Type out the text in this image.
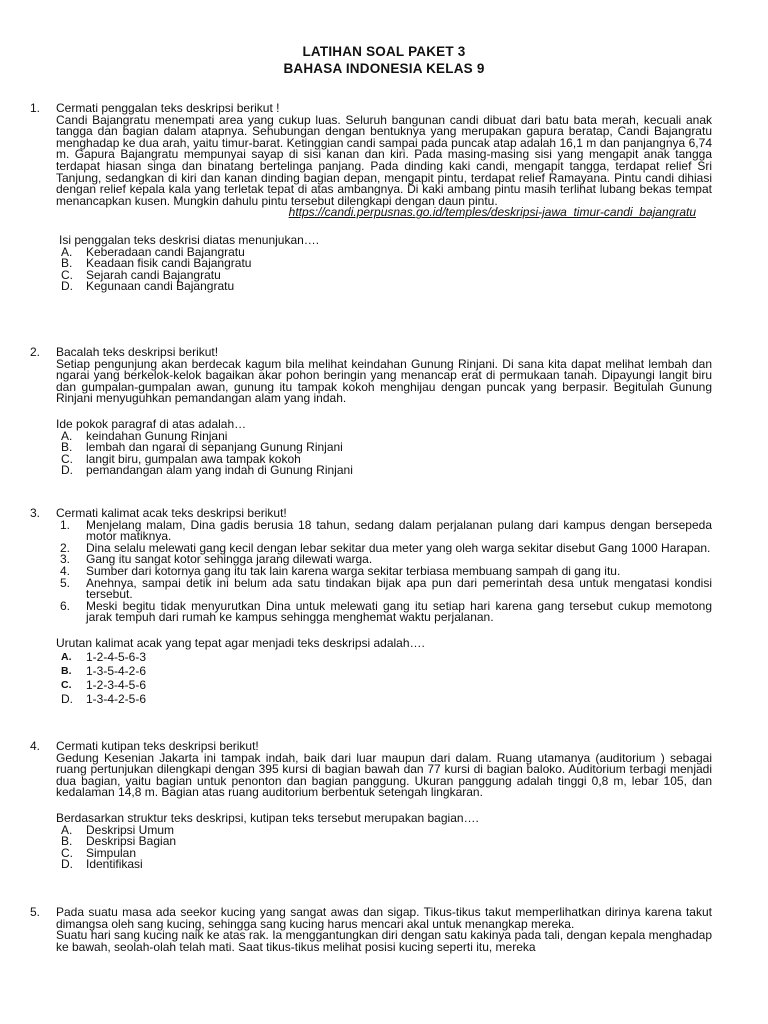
LATIHAN SOAL PAKET 3
BAHASA INDONESIA KELAS 9
1. Cermati penggalan teks deskripsi berikut !

Candi Bajangratu menempati area yang cukup luas. Seluruh bangunan candi dibuat dari batu bata merah, kecuali anak tangga dan bagian dalam atapnya. Sehubungan dengan bentuknya yang merupakan gapura beratap, Candi Bajangratu menghadap ke dua arah, yaitu timur-barat. Ketinggian candi sampai pada puncak atap adalah 16,1 m dan panjangnya 6,74 m. Gapura Bajangratu mempunyai sayap di sisi kanan dan kiri. Pada masing-masing sisi yang mengapit anak tangga terdapat hiasan singa dan binatang bertelinga panjang. Pada dinding kaki candi, mengapit tangga, terdapat relief Sri Tanjung, sedangkan di kiri dan kanan dinding bagian depan, mengapit pintu, terdapat relief Ramayana. Pintu candi dihiasi dengan relief kepala kala yang terletak tepat di atas ambangnya. Di kaki ambang pintu masih terlihat lubang bekas tempat menancapkan kusen. Mungkin dahulu pintu tersebut dilengkapi dengan daun pintu.

https://candi.perpusnas.go.id/temples/deskripsi-jawa_timur-candi_bajangratu

Isi penggalan teks deskrisi diatas menunjukan….

A. Keberadaan candi Bajangratu
B. Keadaan fisik candi Bajangratu
C. Sejarah candi Bajangratu
D. Kegunaan candi Bajangratu
2. Bacalah teks deskripsi berikut!

Setiap pengunjung akan berdecak kagum bila melihat keindahan Gunung Rinjani. Di sana kita dapat melihat lembah dan ngarai yang berkelok-kelok bagaikan akar pohon beringin yang menancap erat di permukaan tanah. Dipayungi langit biru dan gumpalan-gumpalan awan, gunung itu tampak kokoh menghijau dengan puncak yang berpasir. Begitulah Gunung Rinjani menyuguhkan pemandangan alam yang indah.

Ide pokok paragraf di atas adalah…

A. keindahan Gunung Rinjani
B. lembah dan ngarai di sepanjang Gunung Rinjani
C. langit biru, gumpalan awa tampak kokoh
D. pemandangan alam yang indah di Gunung Rinjani
3. Cermati kalimat acak teks deskripsi berikut!

1. Menjelang malam, Dina gadis berusia 18 tahun, sedang dalam perjalanan pulang dari kampus dengan bersepeda motor matiknya.
2. Dina selalu melewati gang kecil dengan lebar sekitar dua meter yang oleh warga sekitar disebut Gang 1000 Harapan.
3. Gang itu sangat kotor sehingga jarang dilewati warga.
4. Sumber dari kotornya gang itu tak lain karena warga sekitar terbiasa membuang sampah di gang itu.
5. Anehnya, sampai detik ini belum ada satu tindakan bijak apa pun dari pemerintah desa untuk mengatasi kondisi tersebut.
6. Meski begitu tidak menyurutkan Dina untuk melewati gang itu setiap hari karena gang tersebut cukup memotong jarak tempuh dari rumah ke kampus sehingga menghemat waktu perjalanan.

Urutan kalimat acak yang tepat agar menjadi teks deskripsi adalah….

A. 1-2-4-5-6-3
B. 1-3-5-4-2-6
C. 1-2-3-4-5-6
D. 1-3-4-2-5-6
4. Cermati kutipan teks deskripsi berikut!

Gedung Kesenian Jakarta ini tampak indah, baik dari luar maupun dari dalam. Ruang utamanya (auditorium ) sebagai ruang pertunjukan dilengkapi dengan 395 kursi di bagian bawah dan 77 kursi di bagian baloko. Auditorium terbagi menjadi dua bagian, yaitu bagian untuk penonton dan bagian panggung. Ukuran panggung adalah tinggi 0,8 m, lebar 105, dan kedalaman 14,8 m. Bagian atas ruang auditorium berbentuk setengah lingkaran.

Berdasarkan struktur teks deskripsi, kutipan teks tersebut merupakan bagian….

A. Deskripsi Umum
B. Deskripsi Bagian
C. Simpulan
D. Identifikasi
5. Pada suatu masa ada seekor kucing yang sangat awas dan sigap. Tikus-tikus takut memperlihatkan dirinya karena takut dimangsa oleh sang kucing, sehingga sang kucing harus mencari akal untuk menangkap mereka.

Suatu hari sang kucing naik ke atas rak. Ia menggantungkan diri dengan satu kakinya pada tali, dengan kepala menghadap ke bawah, seolah-olah telah mati. Saat tikus-tikus melihat posisi kucing seperti itu, mereka
